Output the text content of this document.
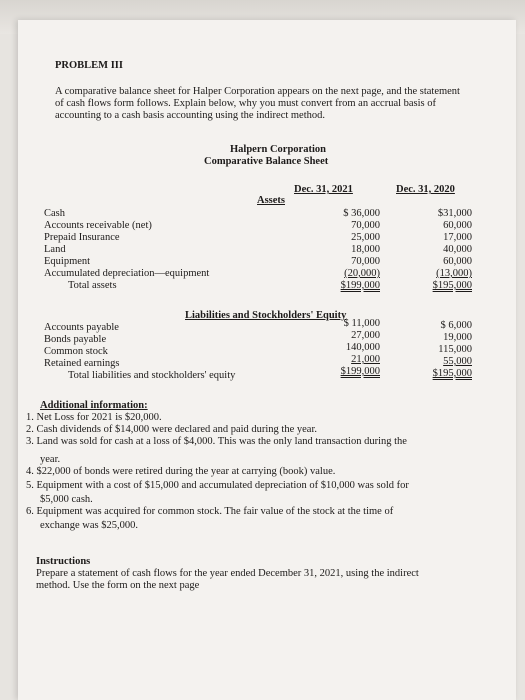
PROBLEM III
A comparative balance sheet for Halper Corporation appears on the next page, and the statement
of cash flows form follows. Explain below, why you must convert from an accrual basis of
accounting to a cash basis accounting using the indirect method.
Halpern Corporation
Comparative Balance Sheet
Dec. 31, 2021	Dec. 31, 2020
Assets
Cash	$ 36,000	$31,000
Accounts receivable (net)	70,000	60,000
Prepaid Insurance	25,000	17,000
Land	18,000	40,000
Equipment	70,000	60,000
Accumulated depreciation—equipment	(20,000)	(13,000)
Total assets	$199,000	$195,000
Liabilities and Stockholders' Equity
Accounts payable	$ 11,000	$ 6,000
Bonds payable	27,000	19,000
Common stock	140,000	115,000
Retained earnings	21,000	55,000
Total liabilities and stockholders' equity	$199,000	$195,000
Additional information:
1. Net Loss for 2021 is $20,000.
2. Cash dividends of $14,000 were declared and paid during the year.
3. Land was sold for cash at a loss of $4,000. This was the only land transaction during the
year.
4. $22,000 of bonds were retired during the year at carrying (book) value.
5. Equipment with a cost of $15,000 and accumulated depreciation of $10,000 was sold for
$5,000 cash.
6. Equipment was acquired for common stock. The fair value of the stock at the time of
exchange was $25,000.
Instructions
Prepare a statement of cash flows for the year ended December 31, 2021, using the indirect
method. Use the form on the next page
